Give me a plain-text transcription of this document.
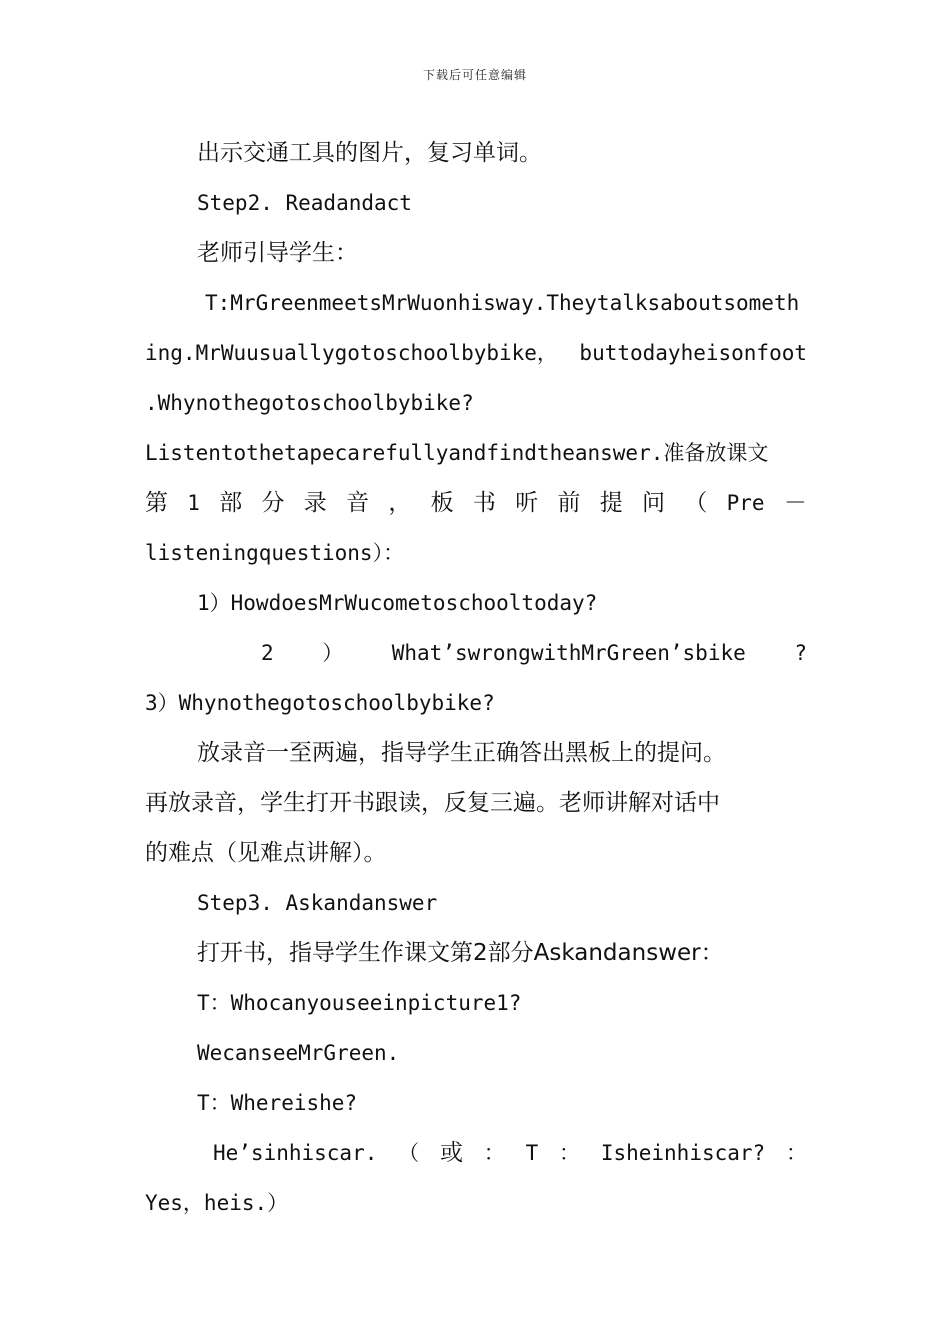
下载后可任意编辑
出示交通工具的图片，复习单词。
Step2. Readandact
老师引导学生：
T:MrGreenmeetsMrWuonhisway.Theytalksaboutsometh
ing.MrWuusuallygotoschoolbybike， buttodayheisonfoot
.Whynothegotoschoolbybike?
Listentothetapecarefullyandfindtheanswer.准备放课文
第 1 部 分 录 音 ， 板 书 听 前 提 问 （ Pre －
listeningquestions）：
1）HowdoesMrWucometoschooltoday?
2 ） What’swrongwithMrGreen’sbike ?
3）Whynothegotoschoolbybike?
放录音一至两遍，指导学生正确答出黑板上的提问。
再放录音，学生打开书跟读，反复三遍。老师讲解对话中
的难点（见难点讲解）。
Step3. Askandanswer
打开书，指导学生作课文第2部分Askandanswer：
T：Whocanyouseeinpicture1?
WecanseeMrGreen.
T：Whereishe?
He’sinhiscar. （ 或 ： T ： Isheinhiscar? ：
Yes，heis.）
